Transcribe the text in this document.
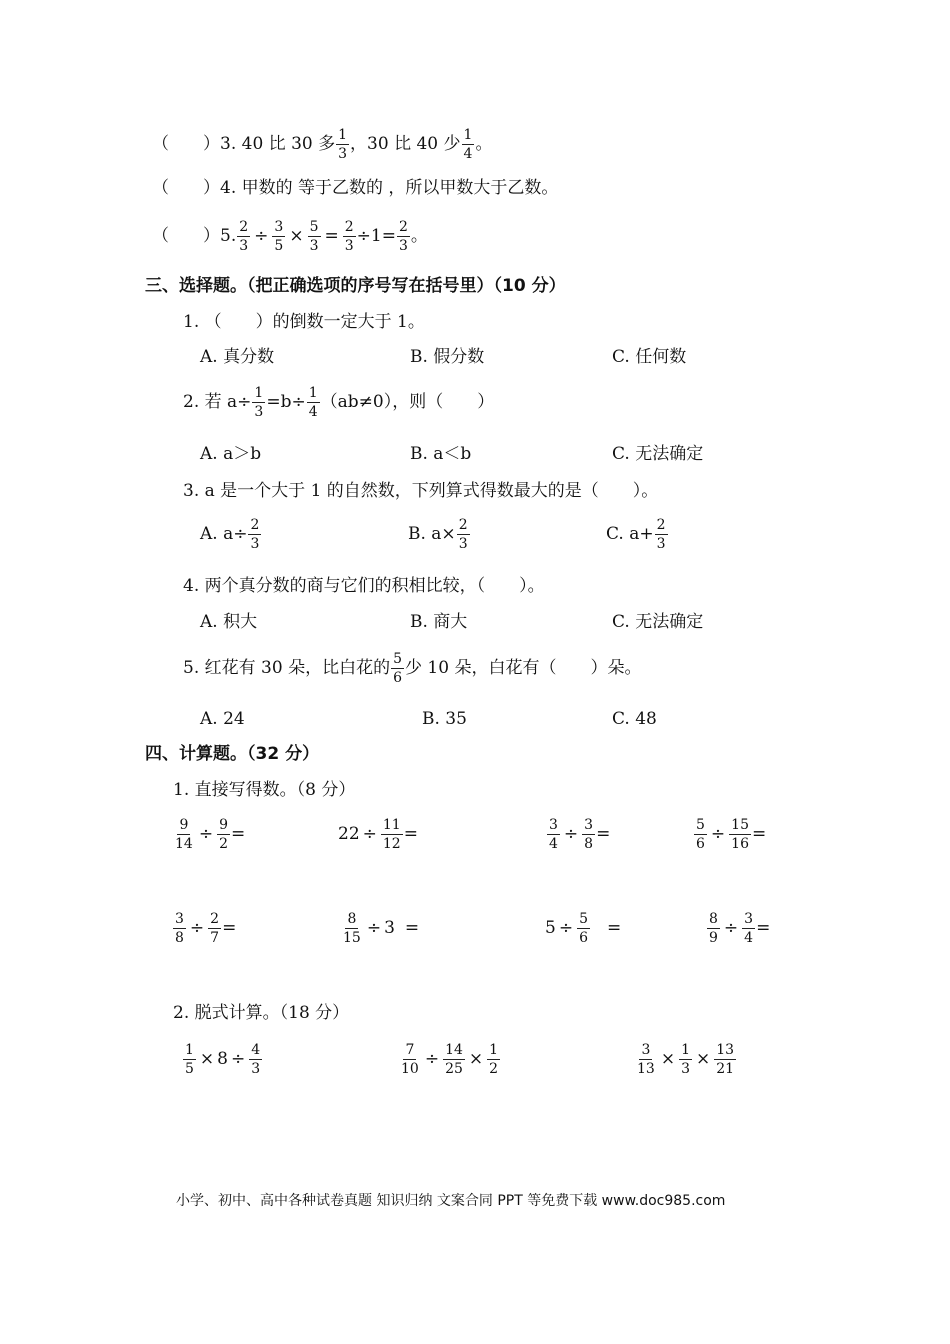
（　　） 3. 40 比 30 多 $\frac{1}{3}$ ，30 比 40 少 $\frac{1}{4}$ 。
（　　） 4. 甲数的 等于乙数的 ，所以甲数大于乙数。
（　　） 5. $\frac{2}{3} \div \frac{3}{5} \times \frac{5}{3} = \frac{2}{3} \div 1= \frac{2}{3}$ 。
三、选择题。（把正确选项的序号写在括号里）（10 分）
1. （　　）的倒数一定大于 1。
A. 真分数	B. 假分数	C. 任何数
2. 若 $a\div \frac{1}{3} =b\div \frac{1}{4} (ab\ne 0)$，则（　　）
A. a＞b	B. a＜b	C. 无法确定
3. a 是一个大于 1 的自然数，下列算式得数最大的是（　　）。
A. $a\div \frac{2}{3}$	B. $a\times \frac{2}{3}$	C. $a+ \frac{2}{3}$
4. 两个真分数的商与它们的积相比较，（　　）。
A. 积大	B. 商大	C. 无法确定
5. 红花有 30 朵，比白花的 $\frac{5}{6}$ 少 10 朵，白花有（　　）朵。
A. 24	B. 35	C. 48
四、计算题。（32 分）
1. 直接写得数。（8 分）
$\frac{9}{14} \div \frac{9}{2}$ =	$22 \div \frac{11}{12}$ =	$\frac{3}{4} \div \frac{3}{8}$ =	$\frac{5}{6} \div \frac{15}{16}$ =
$\frac{3}{8} \div \frac{2}{7}$ =	$\frac{8}{15} \div 3$ =	$5 \div \frac{5}{6}$ =	$\frac{8}{9} \div \frac{3}{4}$ =
2. 脱式计算。（18 分）
$\frac{1}{5} \times 8 \div \frac{4}{3}$	$\frac{7}{10} \div \frac{14}{25} \times \frac{1}{2}$	$\frac{3}{13} \times \frac{1}{3} \times \frac{13}{21}$
小学、初中、高中各种试卷真题 知识归纳 文案合同 PPT 等免费下载 www.doc985.com
